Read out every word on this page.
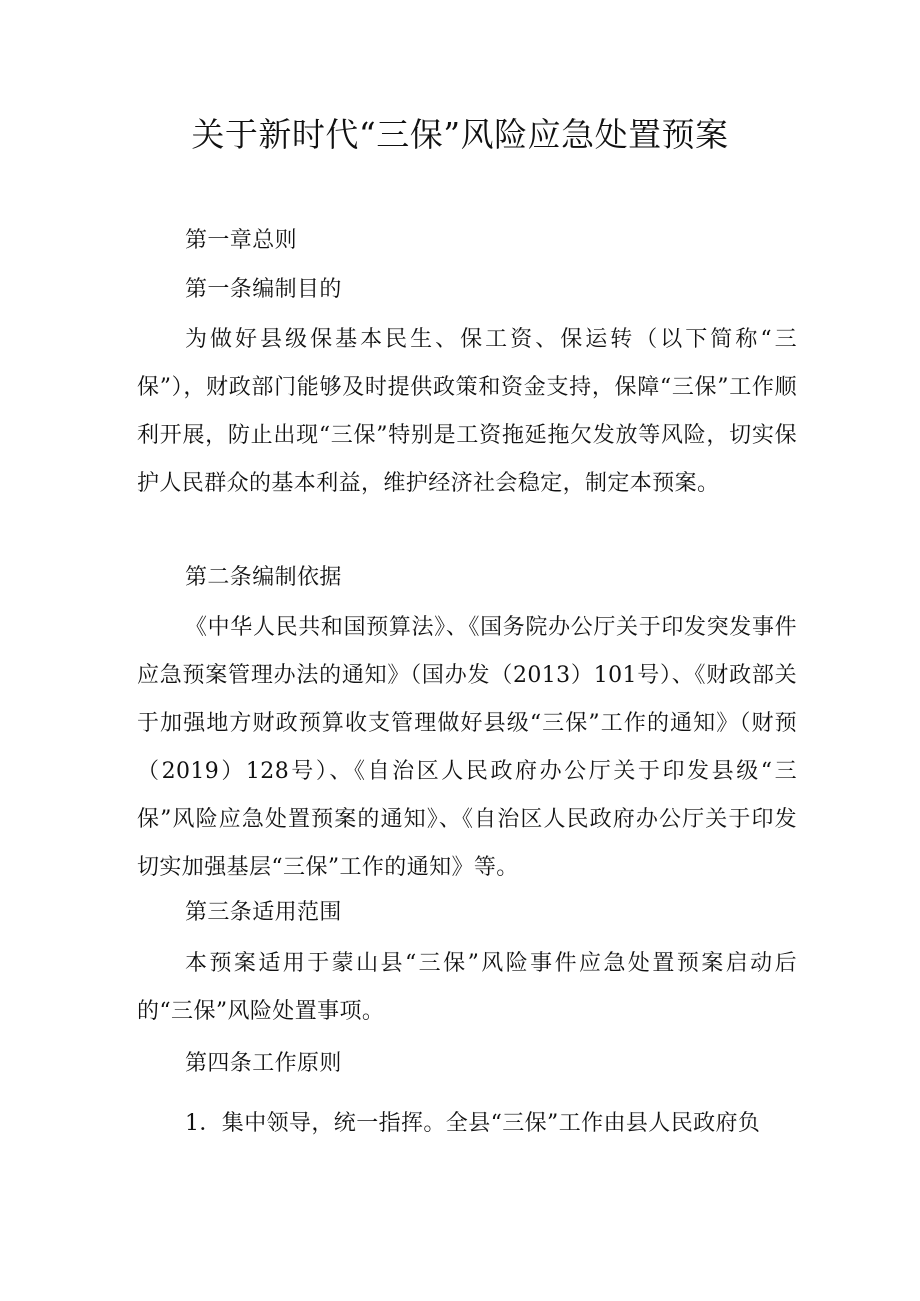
关于新时代“三保”风险应急处置预案

第一章总则

第一条编制目的

为做好县级保基本民生、保工资、保运转（以下简称“三保”），财政部门能够及时提供政策和资金支持，保障“三保”工作顺利开展，防止出现“三保”特别是工资拖延拖欠发放等风险，切实保护人民群众的基本利益，维护经济社会稳定，制定本预案。

第二条编制依据

《中华人民共和国预算法》、《国务院办公厅关于印发突发事件应急预案管理办法的通知》（国办发（2013）101号）、《财政部关于加强地方财政预算收支管理做好县级“三保”工作的通知》（财预（2019）128号）、《自治区人民政府办公厅关于印发县级“三保”风险应急处置预案的通知》、《自治区人民政府办公厅关于印发切实加强基层“三保”工作的通知》等。

第三条适用范围

本预案适用于蒙山县“三保”风险事件应急处置预案启动后的“三保”风险处置事项。

第四条工作原则

1．集中领导，统一指挥。全县“三保”工作由县人民政府负
